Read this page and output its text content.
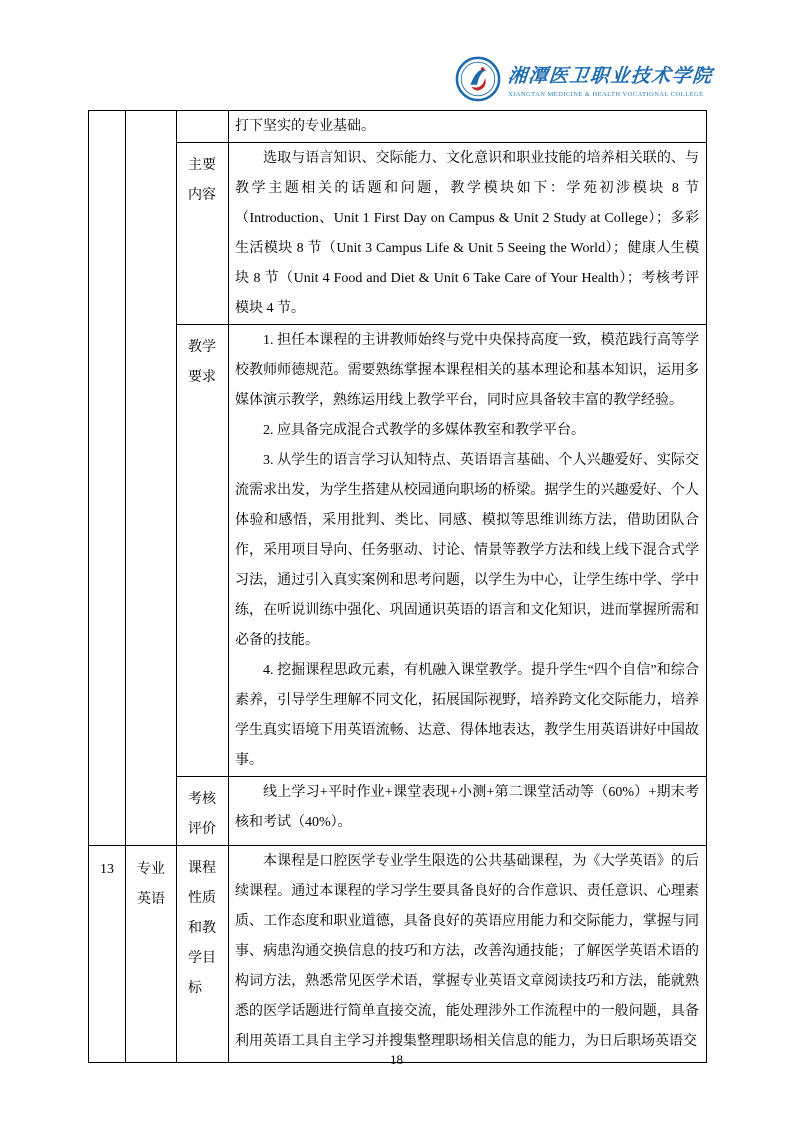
湘潭医卫职业技术学院
XIANGTAN MEDICINE & HEALTH VOCATIONAL COLLEGE

			打下坚实的专业基础。

		主要内容	选取与语言知识、交际能力、文化意识和职业技能的培养相关联的、与教学主题相关的话题和问题，教学模块如下：学苑初涉模块 8 节（Introduction、Unit 1 First Day on Campus & Unit 2 Study at College）；多彩生活模块 8 节（Unit 3 Campus Life & Unit 5 Seeing the World）；健康人生模块 8 节（Unit 4 Food and Diet & Unit 6 Take Care of Your Health）；考核考评模块 4 节。

		教学要求	1. 担任本课程的主讲教师始终与党中央保持高度一致，模范践行高等学校教师师德规范。需要熟练掌握本课程相关的基本理论和基本知识，运用多媒体演示教学，熟练运用线上教学平台，同时应具备较丰富的教学经验。

2. 应具备完成混合式教学的多媒体教室和教学平台。

3. 从学生的语言学习认知特点、英语语言基础、个人兴趣爱好、实际交流需求出发，为学生搭建从校园通向职场的桥梁。据学生的兴趣爱好、个人体验和感悟，采用批判、类比、同感、模拟等思维训练方法，借助团队合作，采用项目导向、任务驱动、讨论、情景等教学方法和线上线下混合式学习法，通过引入真实案例和思考问题，以学生为中心，让学生练中学、学中练，在听说训练中强化、巩固通识英语的语言和文化知识，进而掌握所需和必备的技能。

4. 挖掘课程思政元素，有机融入课堂教学。提升学生“四个自信”和综合素养，引导学生理解不同文化，拓展国际视野，培养跨文化交际能力，培养学生真实语境下用英语流畅、达意、得体地表达，教学生用英语讲好中国故事。

		考核评价	线上学习+平时作业+课堂表现+小测+第二课堂活动等（60%）+期末考核和考试（40%）。

13	专业英语	课程性质和教学目标	本课程是口腔医学专业学生限选的公共基础课程，为《大学英语》的后续课程。通过本课程的学习学生要具备良好的合作意识、责任意识、心理素质、工作态度和职业道德，具备良好的英语应用能力和交际能力，掌握与同事、病患沟通交换信息的技巧和方法，改善沟通技能；了解医学英语术语的构词方法，熟悉常见医学术语，掌握专业英语文章阅读技巧和方法，能就熟悉的医学话题进行简单直接交流，能处理涉外工作流程中的一般问题，具备利用英语工具自主学习并搜集整理职场相关信息的能力，为日后职场英语交

18
